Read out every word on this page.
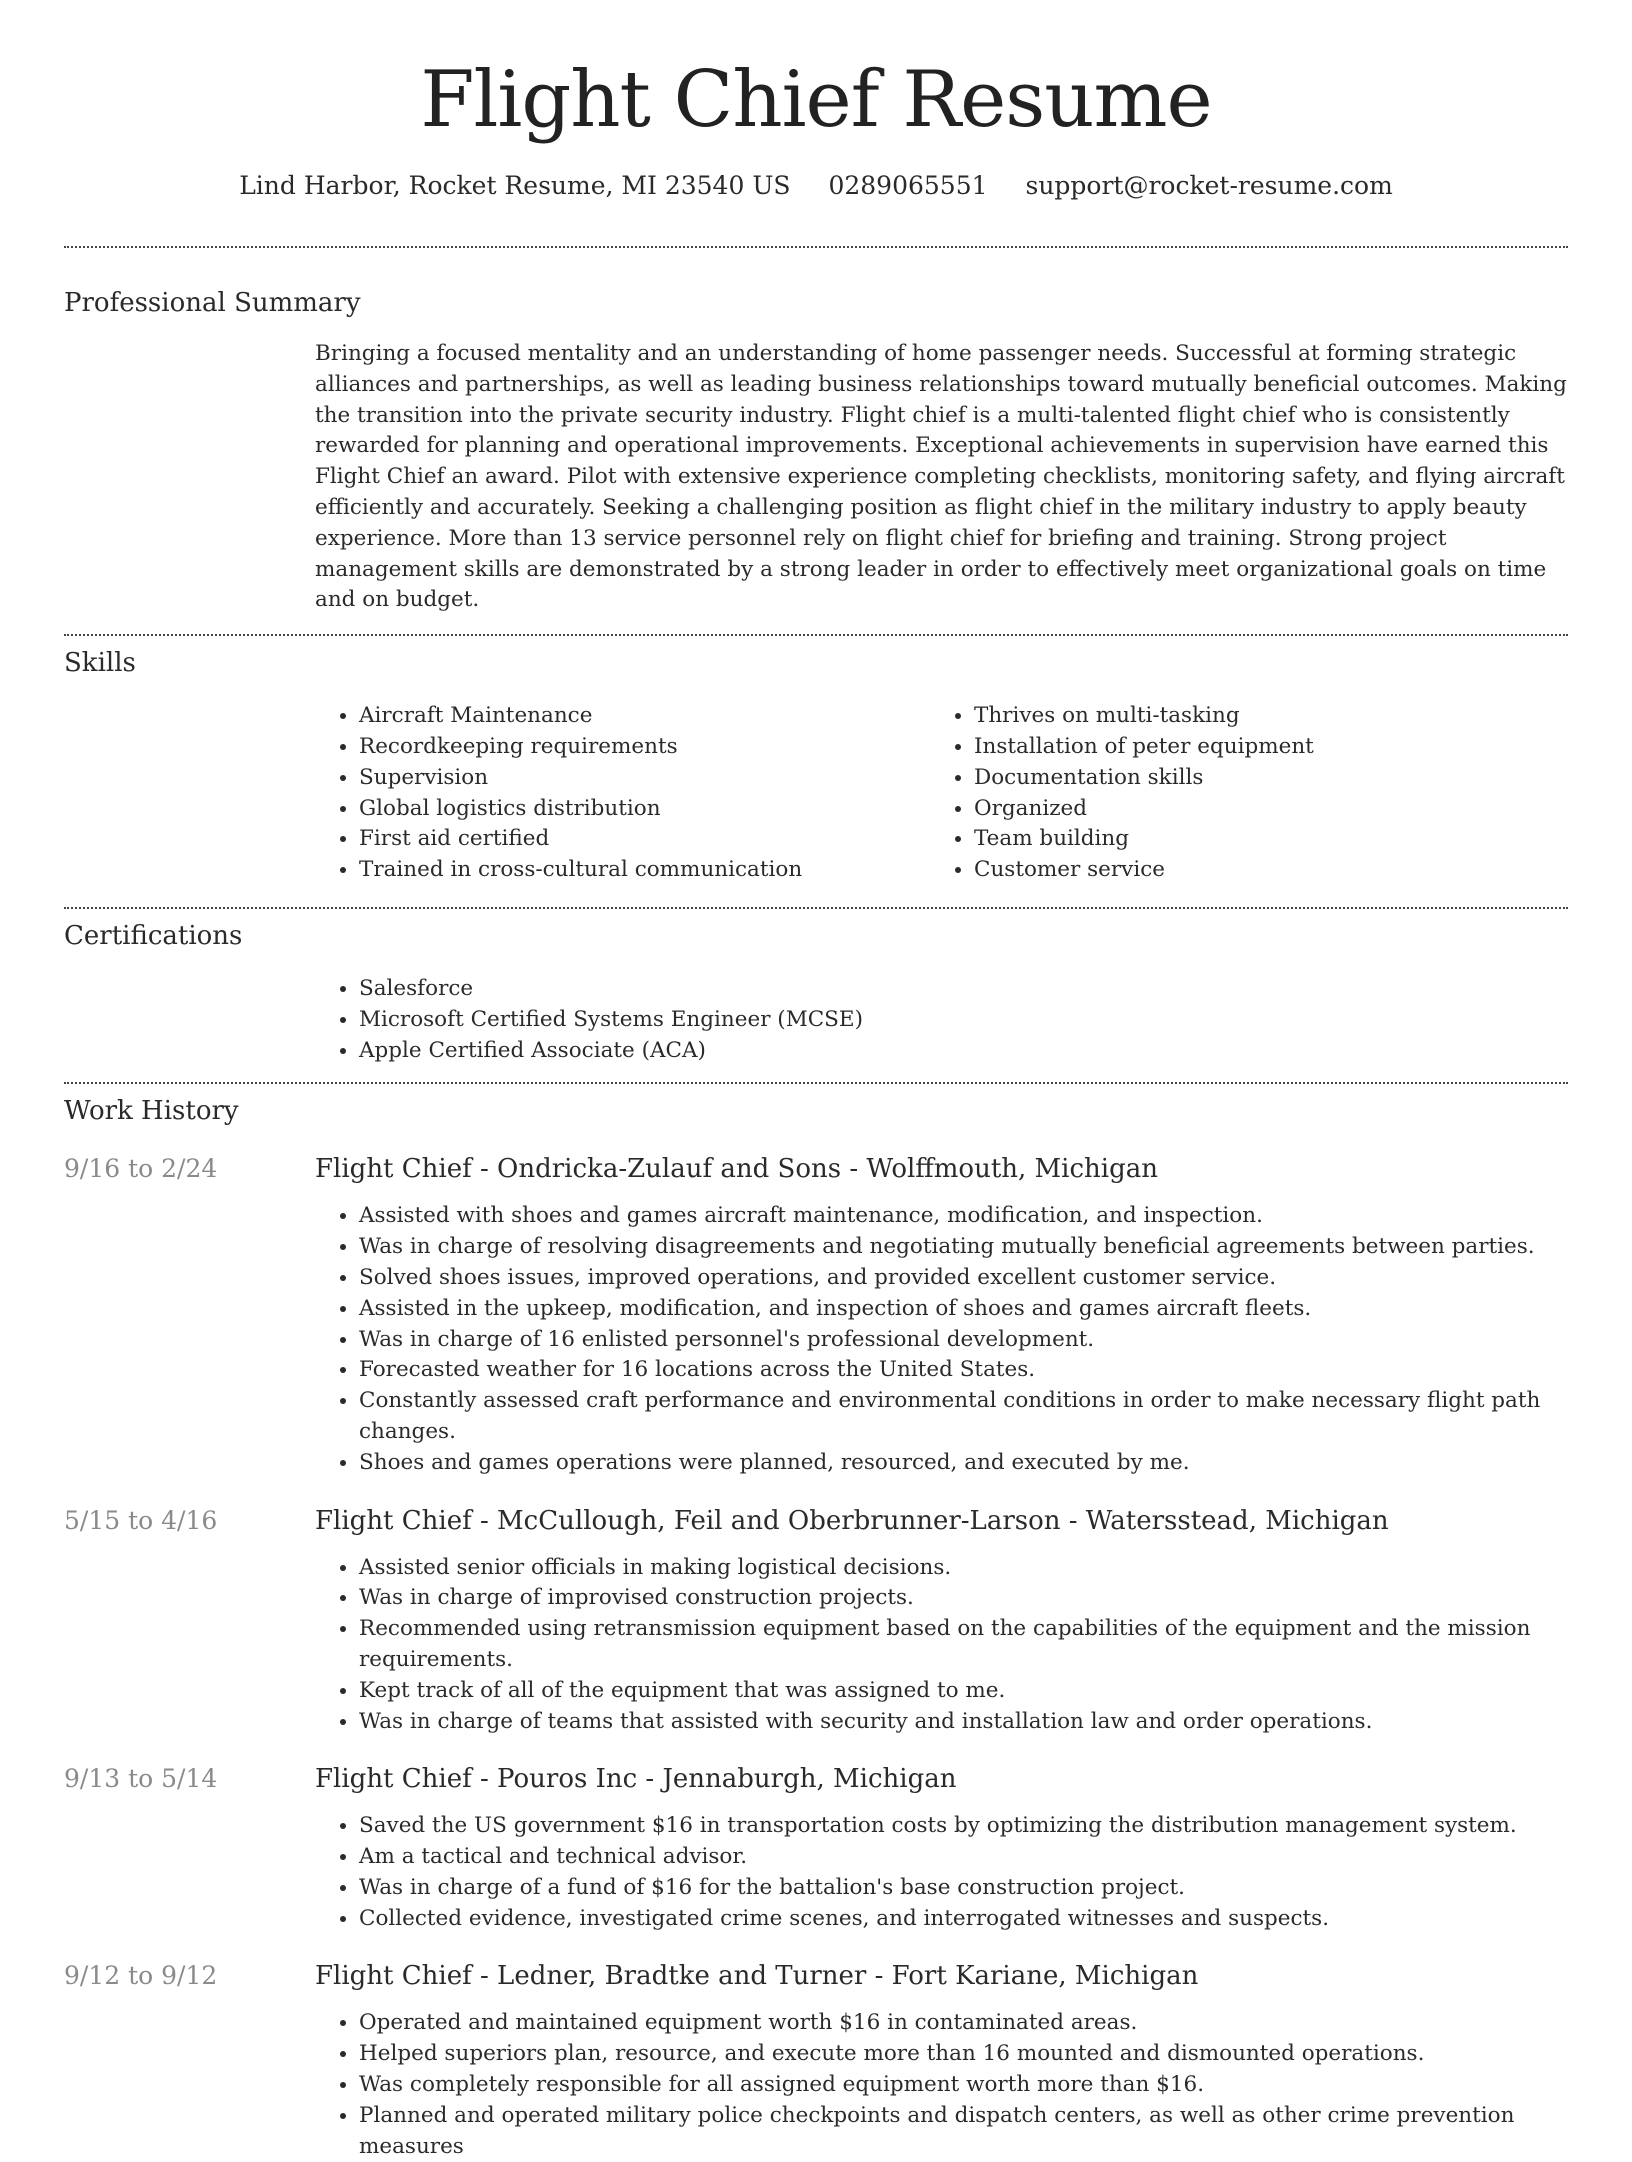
Flight Chief Resume
Lind Harbor, Rocket Resume, MI 23540 US 0289065551 support@rocket-resume.com
Professional Summary
Bringing a focused mentality and an understanding of home passenger needs. Successful at forming strategic alliances and partnerships, as well as leading business relationships toward mutually beneficial outcomes. Making the transition into the private security industry. Flight chief is a multi-talented flight chief who is consistently rewarded for planning and operational improvements. Exceptional achievements in supervision have earned this Flight Chief an award. Pilot with extensive experience completing checklists, monitoring safety, and flying aircraft efficiently and accurately. Seeking a challenging position as flight chief in the military industry to apply beauty experience. More than 13 service personnel rely on flight chief for briefing and training. Strong project management skills are demonstrated by a strong leader in order to effectively meet organizational goals on time and on budget.
Skills
• Aircraft Maintenance
• Recordkeeping requirements
• Supervision
• Global logistics distribution
• First aid certified
• Trained in cross-cultural communication
• Thrives on multi-tasking
• Installation of peter equipment
• Documentation skills
• Organized
• Team building
• Customer service
Certifications
• Salesforce
• Microsoft Certified Systems Engineer (MCSE)
• Apple Certified Associate (ACA)
Work History
9/16 to 2/24	Flight Chief - Ondricka-Zulauf and Sons - Wolffmouth, Michigan
• Assisted with shoes and games aircraft maintenance, modification, and inspection.
• Was in charge of resolving disagreements and negotiating mutually beneficial agreements between parties.
• Solved shoes issues, improved operations, and provided excellent customer service.
• Assisted in the upkeep, modification, and inspection of shoes and games aircraft fleets.
• Was in charge of 16 enlisted personnel's professional development.
• Forecasted weather for 16 locations across the United States.
• Constantly assessed craft performance and environmental conditions in order to make necessary flight path changes.
• Shoes and games operations were planned, resourced, and executed by me.
5/15 to 4/16	Flight Chief - McCullough, Feil and Oberbrunner-Larson - Watersstead, Michigan
• Assisted senior officials in making logistical decisions.
• Was in charge of improvised construction projects.
• Recommended using retransmission equipment based on the capabilities of the equipment and the mission requirements.
• Kept track of all of the equipment that was assigned to me.
• Was in charge of teams that assisted with security and installation law and order operations.
9/13 to 5/14	Flight Chief - Pouros Inc - Jennaburgh, Michigan
• Saved the US government $16 in transportation costs by optimizing the distribution management system.
• Am a tactical and technical advisor.
• Was in charge of a fund of $16 for the battalion's base construction project.
• Collected evidence, investigated crime scenes, and interrogated witnesses and suspects.
9/12 to 9/12	Flight Chief - Ledner, Bradtke and Turner - Fort Kariane, Michigan
• Operated and maintained equipment worth $16 in contaminated areas.
• Helped superiors plan, resource, and execute more than 16 mounted and dismounted operations.
• Was completely responsible for all assigned equipment worth more than $16.
• Planned and operated military police checkpoints and dispatch centers, as well as other crime prevention measures
